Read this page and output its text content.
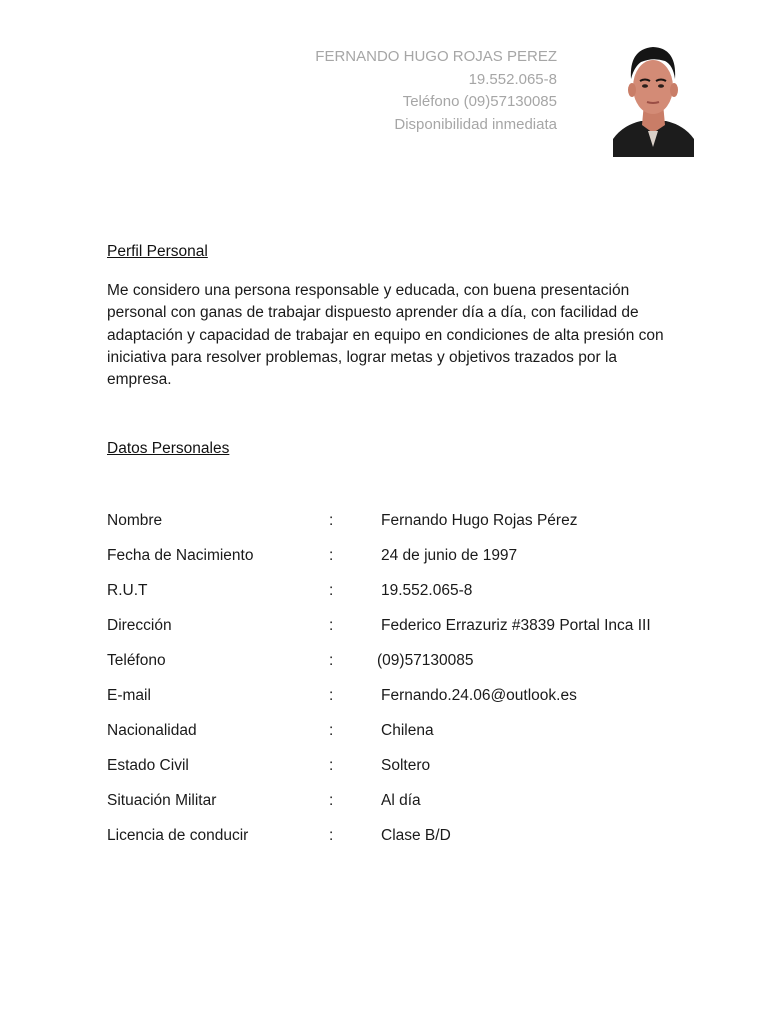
FERNANDO HUGO ROJAS PEREZ
19.552.065-8
Teléfono (09)57130085
Disponibilidad inmediata
Perfil Personal
Me considero una persona responsable y educada, con buena presentación personal con ganas de trabajar dispuesto aprender día a día, con facilidad de adaptación y capacidad de trabajar en equipo en condiciones de alta presión con iniciativa para resolver problemas, lograr metas y objetivos trazados por la empresa.
Datos Personales
Nombre	:	Fernando Hugo Rojas Pérez
Fecha de Nacimiento	:	24 de junio de 1997
R.U.T	:	19.552.065-8
Dirección	:	Federico Errazuriz #3839 Portal Inca III
Teléfono	:	(09)57130085
E-mail	:	Fernando.24.06@outlook.es
Nacionalidad	:	Chilena
Estado Civil	:	Soltero
Situación Militar	:	Al día
Licencia de conducir	:	Clase B/D
